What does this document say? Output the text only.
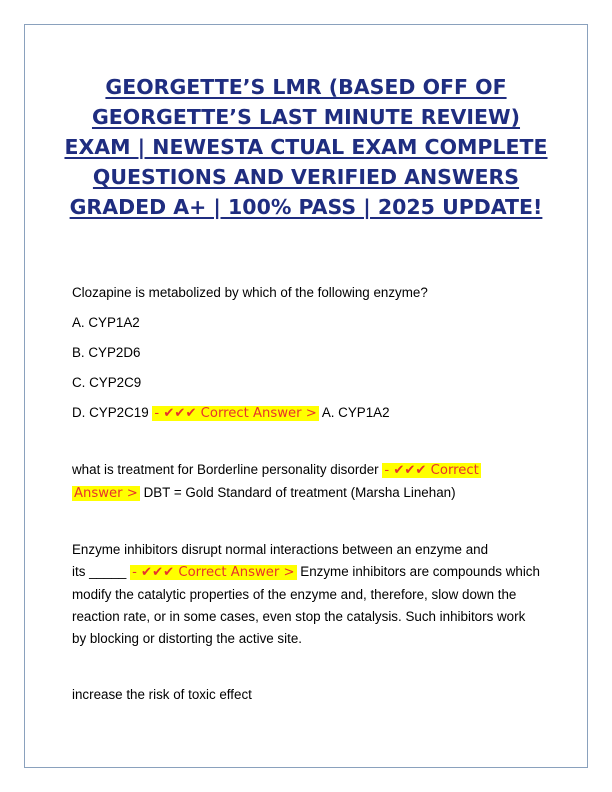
GEORGETTE’S LMR (BASED OFF OF
GEORGETTE’S LAST MINUTE REVIEW)
EXAM | NEWESTA CTUAL EXAM COMPLETE
QUESTIONS AND VERIFIED ANSWERS
GRADED A+ | 100% PASS | 2025 UPDATE!

Clozapine is metabolized by which of the following enzyme?

A. CYP1A2

B. CYP2D6

C. CYP2C9

D. CYP2C19 - ✔✔✔ Correct Answer > A. CYP1A2

what is treatment for Borderline personality disorder - ✔✔✔ Correct
Answer > DBT = Gold Standard of treatment (Marsha Linehan)

Enzyme inhibitors disrupt normal interactions between an enzyme and
its _____ - ✔✔✔ Correct Answer > Enzyme inhibitors are compounds which modify the catalytic properties of the enzyme and, therefore, slow down the reaction rate, or in some cases, even stop the catalysis. Such inhibitors work by blocking or distorting the active site.

increase the risk of toxic effect
